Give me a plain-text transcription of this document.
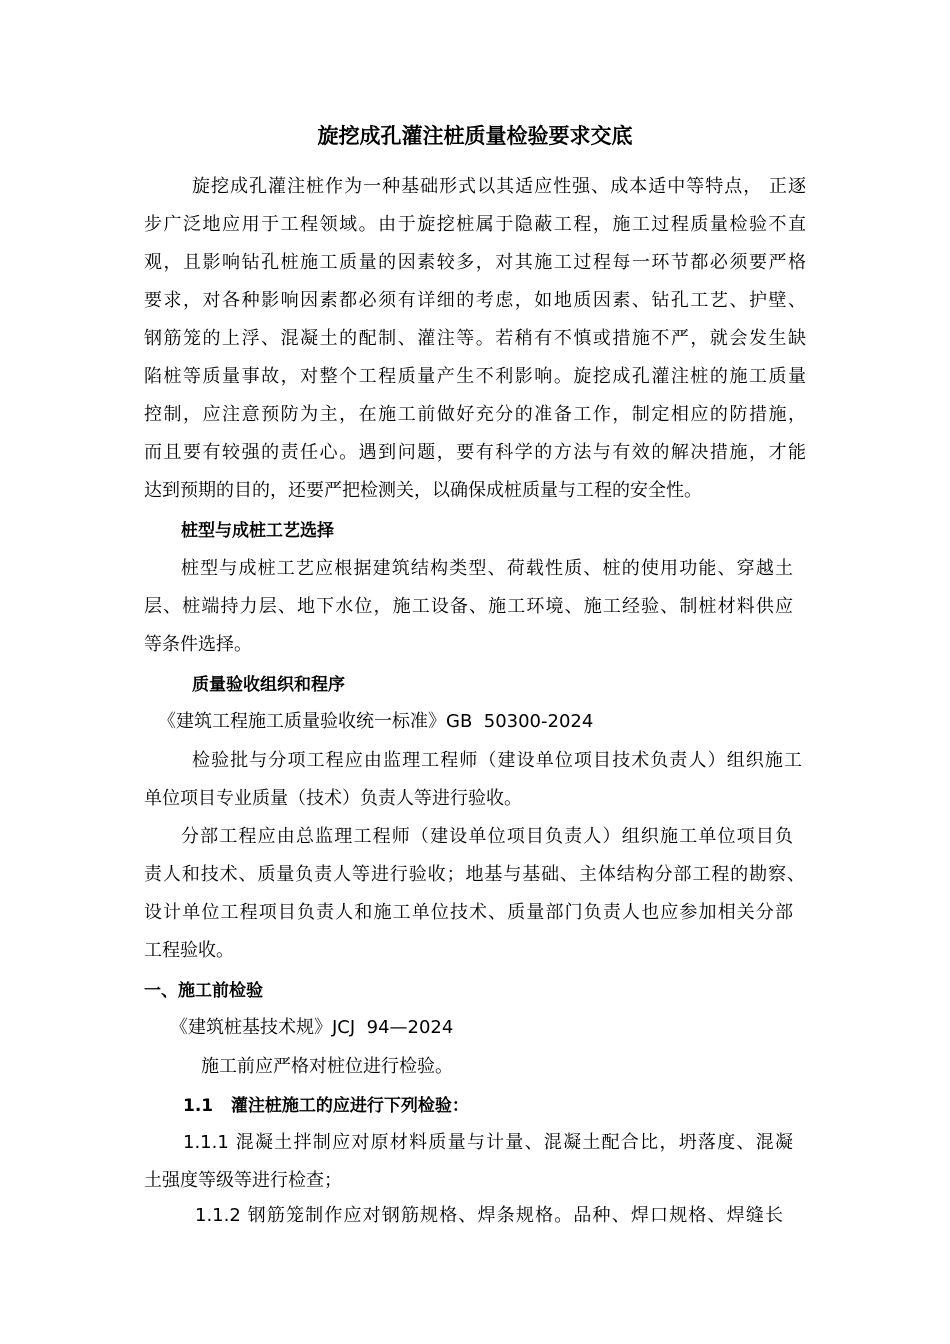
旋挖成孔灌注桩质量检验要求交底
旋挖成孔灌注桩作为一种基础形式以其适应性强、成本适中等特点， 正逐
步广泛地应用于工程领域。由于旋挖桩属于隐蔽工程，施工过程质量检验不直
观，且影响钻孔桩施工质量的因素较多，对其施工过程每一环节都必须要严格
要求，对各种影响因素都必须有详细的考虑，如地质因素、钻孔工艺、护壁、
钢筋笼的上浮、混凝土的配制、灌注等。若稍有不慎或措施不严，就会发生缺
陷桩等质量事故，对整个工程质量产生不利影响。旋挖成孔灌注桩的施工质量
控制，应注意预防为主，在施工前做好充分的准备工作，制定相应的防措施，
而且要有较强的责任心。遇到问题，要有科学的方法与有效的解决措施，才能
达到预期的目的，还要严把检测关，以确保成桩质量与工程的安全性。
桩型与成桩工艺选择
桩型与成桩工艺应根据建筑结构类型、荷载性质、桩的使用功能、穿越土
层、桩端持力层、地下水位，施工设备、施工环境、施工经验、制桩材料供应
等条件选择。
质量验收组织和程序
《建筑工程施工质量验收统一标准》GB  50300-2024
检验批与分项工程应由监理工程师（建设单位项目技术负责人）组织施工
单位项目专业质量（技术）负责人等进行验收。
分部工程应由总监理工程师（建设单位项目负责人）组织施工单位项目负
责人和技术、质量负责人等进行验收；地基与基础、主体结构分部工程的勘察、
设计单位工程项目负责人和施工单位技术、质量部门负责人也应参加相关分部
工程验收。
一、施工前检验
《建筑桩基技术规》JCJ  94—2024
施工前应严格对桩位进行检验。
1.1   灌注桩施工的应进行下列检验：
1.1.1 混凝土拌制应对原材料质量与计量、混凝土配合比，坍落度、混凝
土强度等级等进行检查；
1.1.2 钢筋笼制作应对钢筋规格、焊条规格。品种、焊口规格、焊缝长
